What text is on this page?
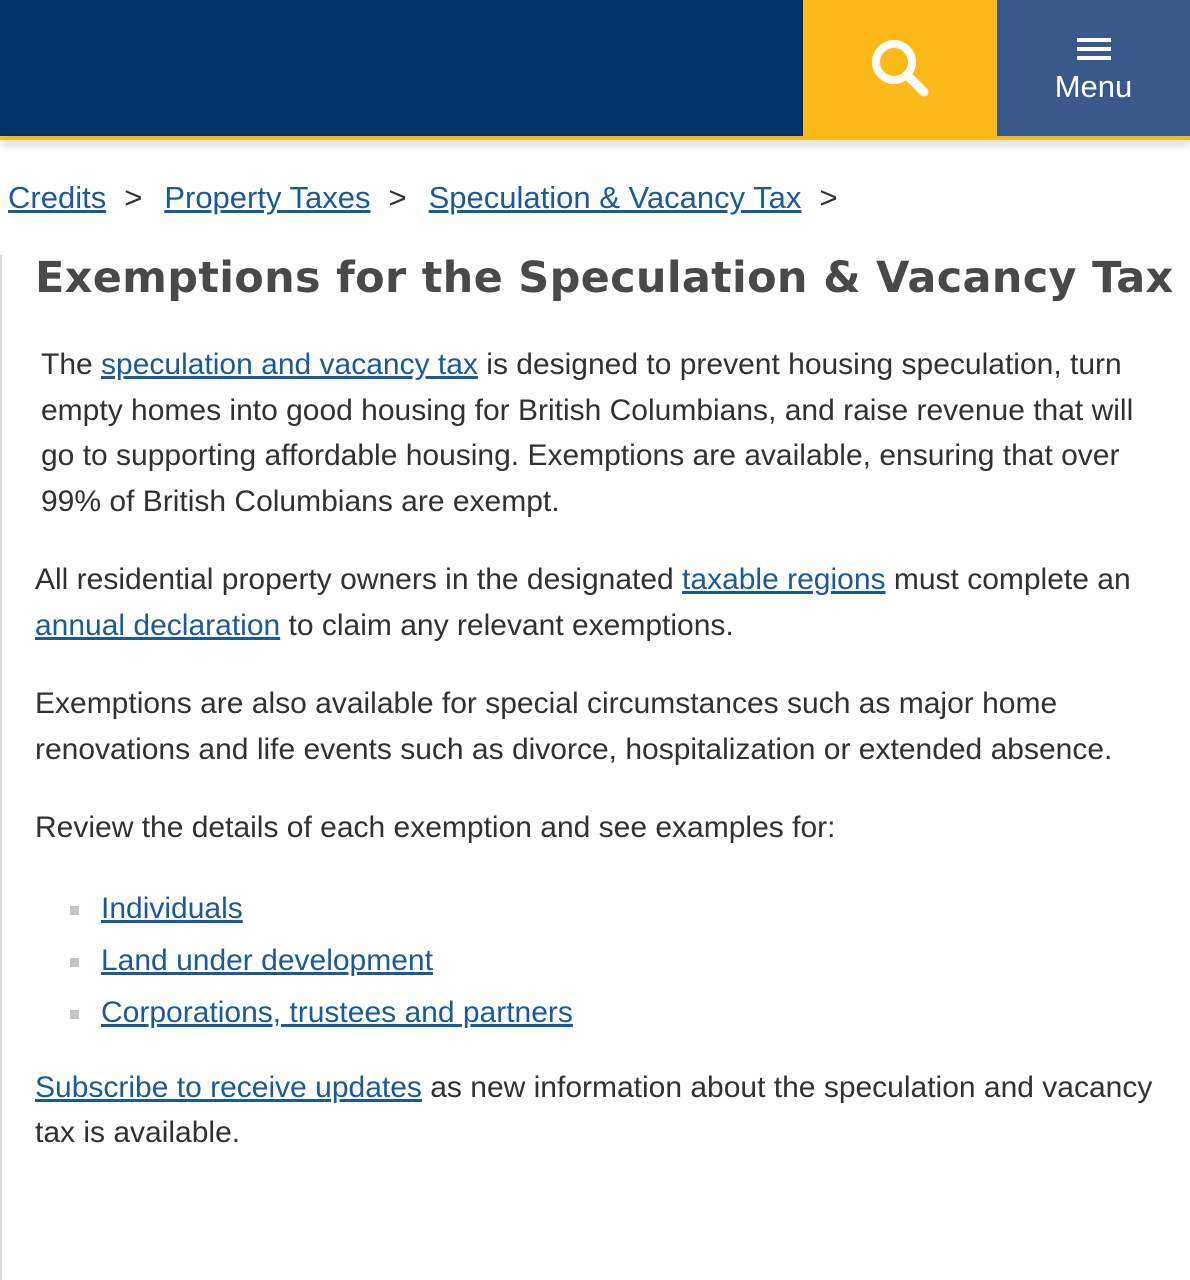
Menu
Credits > Property Taxes > Speculation & Vacancy Tax >
Exemptions for the Speculation & Vacancy Tax

The speculation and vacancy tax is designed to prevent housing speculation, turn empty homes into good housing for British Columbians, and raise revenue that will go to supporting affordable housing. Exemptions are available, ensuring that over 99% of British Columbians are exempt.

All residential property owners in the designated taxable regions must complete an annual declaration to claim any relevant exemptions.

Exemptions are also available for special circumstances such as major home renovations and life events such as divorce, hospitalization or extended absence.

Review the details of each exemption and see examples for:

Individuals
Land under development
Corporations, trustees and partners

Subscribe to receive updates as new information about the speculation and vacancy tax is available.
